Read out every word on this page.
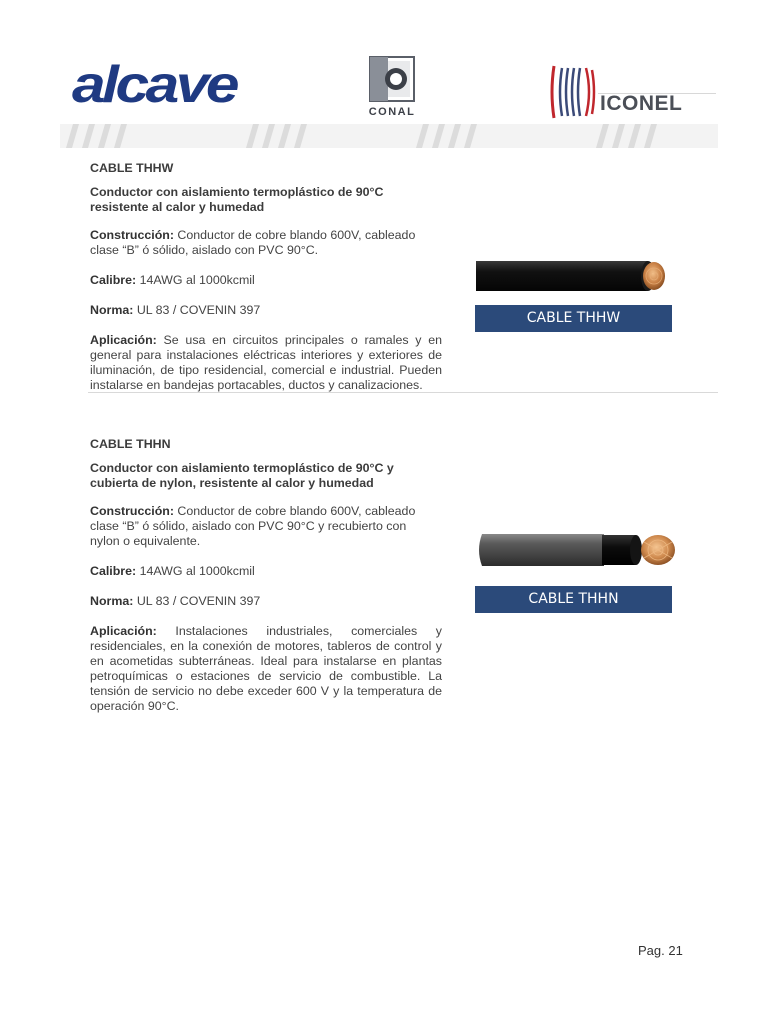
alcave	CONAL	ICONEL
CABLE THHW
Conductor con aislamiento termoplástico de 90°C
resistente al calor y humedad
Construcción: Conductor de cobre blando 600V, cableado
clase “B” ó sólido, aislado con PVC 90°C.
Calibre: 14AWG al 1000kcmil
Norma: UL 83 / COVENIN 397
Aplicación: Se usa en circuitos principales o ramales y en general para instalaciones eléctricas interiores y exteriores de iluminación, de tipo residencial, comercial e industrial. Pueden instalarse en bandejas portacables, ductos y canalizaciones.
CABLE THHW
CABLE THHN
Conductor con aislamiento termoplástico de 90°C y
cubierta de nylon, resistente al calor y humedad
Construcción: Conductor de cobre blando 600V, cableado
clase “B” ó sólido, aislado con PVC 90°C y recubierto con
nylon o equivalente.
Calibre: 14AWG al 1000kcmil
Norma: UL 83 / COVENIN 397
Aplicación: Instalaciones industriales, comerciales y residenciales, en la conexión de motores, tableros de control y en acometidas subterráneas. Ideal para instalarse en plantas petroquímicas o estaciones de servicio de combustible. La tensión de servicio no debe exceder 600 V y la temperatura de operación 90°C.
CABLE THHN
Pag. 21
